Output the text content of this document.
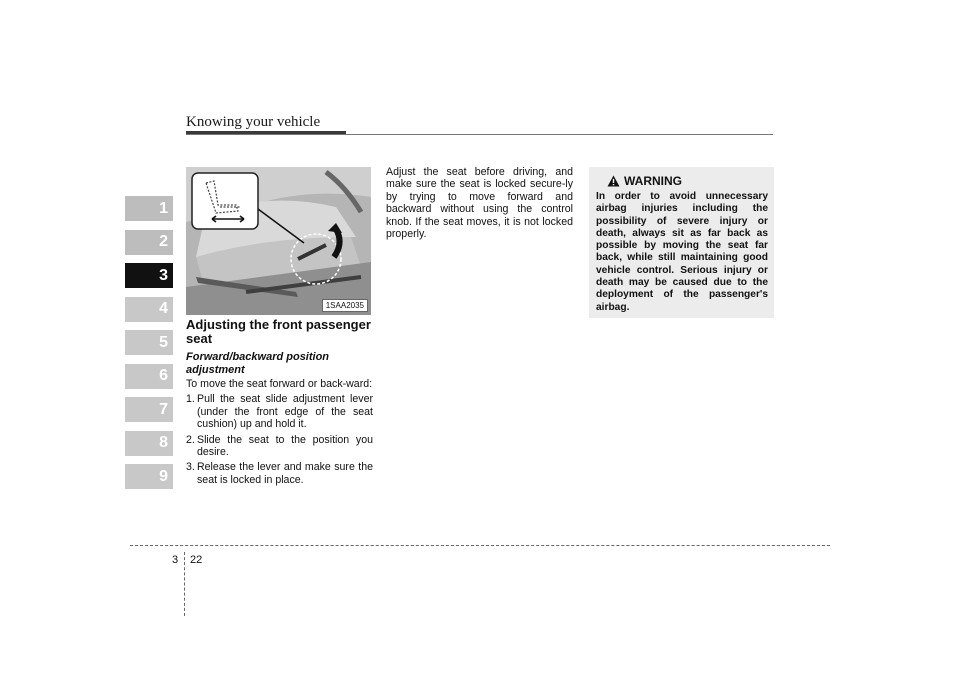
Knowing your vehicle
1
2
3
4
5
6
7
8
9
1SAA2035
Adjusting the front passenger seat
Forward/backward position adjustment

To move the seat forward or back-ward:

1. Pull the seat slide adjustment lever (under the front edge of the seat cushion) up and hold it.
2. Slide the seat to the position you desire.
3. Release the lever and make sure the seat is locked in place.
Adjust the seat before driving, and make sure the seat is locked secure-ly by trying to move forward and backward without using the control knob. If the seat moves, it is not locked properly.
WARNING
In order to avoid unnecessary airbag injuries including the possibility of severe injury or death, always sit as far back as possible by moving the seat far back, while still maintaining good vehicle control. Serious injury or death may be caused due to the deployment of the passenger's airbag.
3 22
